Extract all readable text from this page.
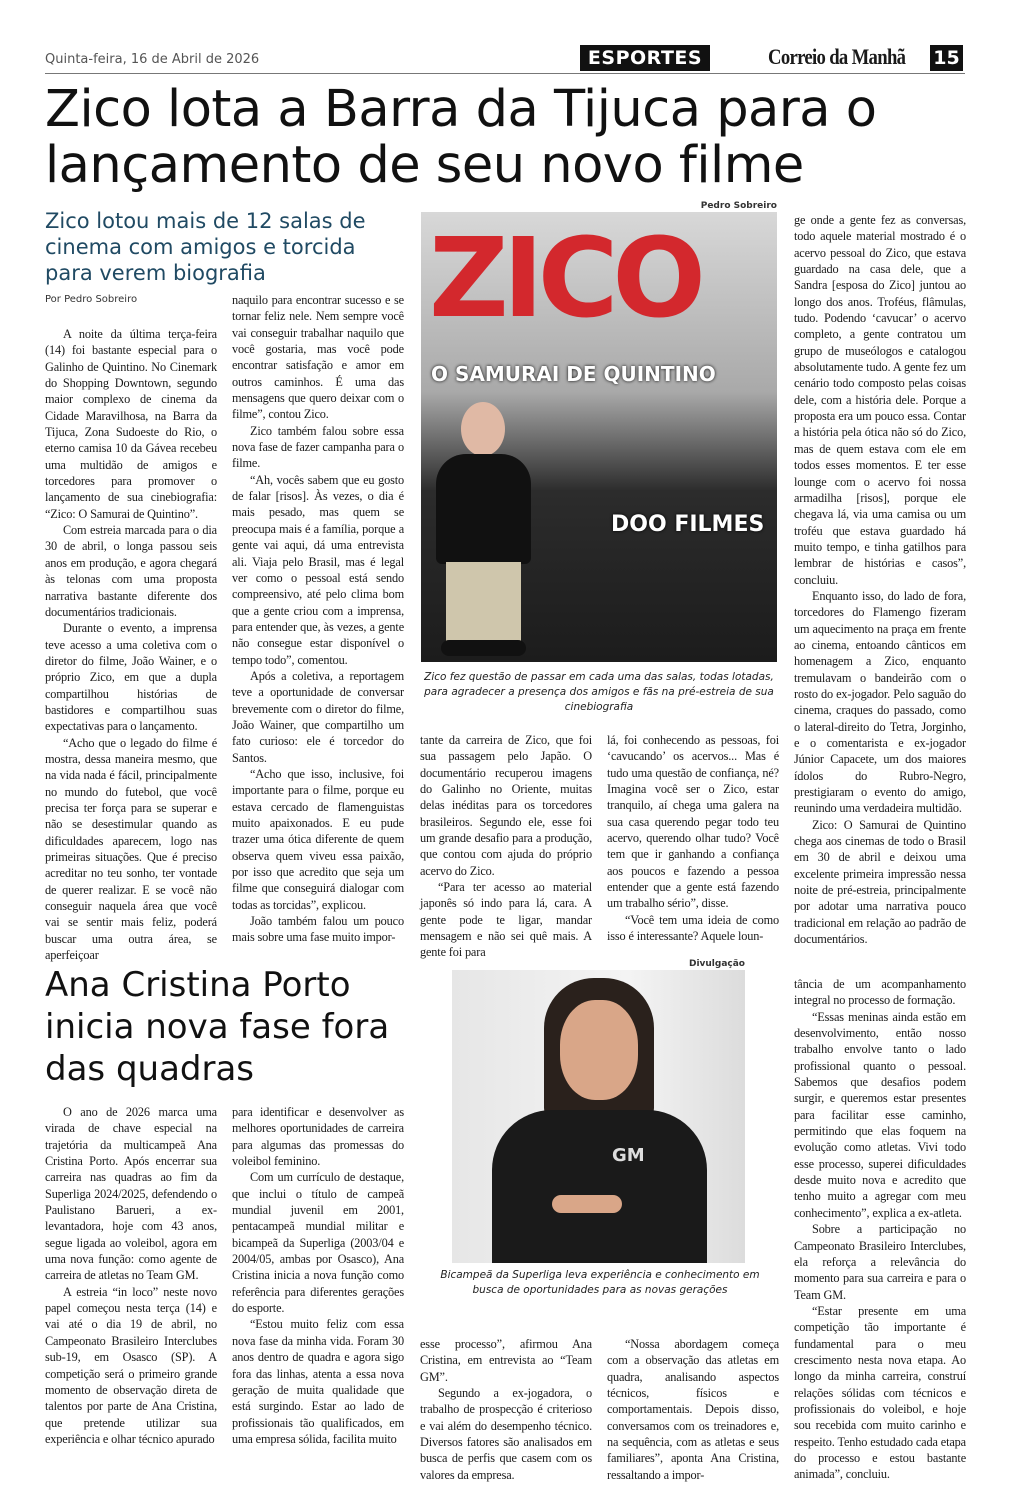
Quinta-feira, 16 de Abril de 2026	ESPORTES	Correio da Manhã 15
Zico lota a Barra da Tijuca para o lançamento de seu novo filme
Zico lotou mais de 12 salas de cinema com amigos e torcida para verem biografia
Por Pedro Sobreiro

A noite da última terça-feira (14) foi bastante especial para o Galinho de Quintino. No Cinemark do Shopping Downtown, segundo maior complexo de cinema da Cidade Maravilhosa, na Barra da Tijuca, Zona Sudoeste do Rio, o eterno camisa 10 da Gávea recebeu uma multidão de amigos e torcedores para promover o lançamento de sua cinebiografia: “Zico: O Samurai de Quintino”.

Com estreia marcada para o dia 30 de abril, o longa passou seis anos em produção, e agora chegará às telonas com uma proposta narrativa bastante diferente dos documentários tradicionais.

Durante o evento, a imprensa teve acesso a uma coletiva com o diretor do filme, João Wainer, e o próprio Zico, em que a dupla compartilhou histórias de bastidores e compartilhou suas expectativas para o lançamento.

“Acho que o legado do filme é mostra, dessa maneira mesmo, que na vida nada é fácil, principalmente no mundo do futebol, que você precisa ter força para se superar e não se desestimular quando as dificuldades aparecem, logo nas primeiras situações. Que é preciso acreditar no teu sonho, ter vontade de querer realizar. E se você não conseguir naquela área que você vai se sentir mais feliz, poderá buscar uma outra área, se aperfeiçoar

naquilo para encontrar sucesso e se tornar feliz nele. Nem sempre você vai conseguir trabalhar naquilo que você gostaria, mas você pode encontrar satisfação e amor em outros caminhos. É uma das mensagens que quero deixar com o filme”, contou Zico.

Zico também falou sobre essa nova fase de fazer campanha para o filme.

“Ah, vocês sabem que eu gosto de falar [risos]. Às vezes, o dia é mais pesado, mas quem se preocupa mais é a família, porque a gente vai aqui, dá uma entrevista ali. Viaja pelo Brasil, mas é legal ver como o pessoal está sendo compreensivo, até pelo clima bom que a gente criou com a imprensa, para entender que, às vezes, a gente não consegue estar disponível o tempo todo”, comentou.

Após a coletiva, a reportagem teve a oportunidade de conversar brevemente com o diretor do filme, João Wainer, que compartilho um fato curioso: ele é torcedor do Santos.

“Acho que isso, inclusive, foi importante para o filme, porque eu estava cercado de flamenguistas muito apaixonados. E eu pude trazer uma ótica diferente de quem observa quem viveu essa paixão, por isso que acredito que seja um filme que conseguirá dialogar com todas as torcidas”, explicou.

João também falou um pouco mais sobre uma fase muito impor-

tante da carreira de Zico, que foi sua passagem pelo Japão. O documentário recuperou imagens do Galinho no Oriente, muitas delas inéditas para os torcedores brasileiros. Segundo ele, esse foi um grande desafio para a produção, que contou com ajuda do próprio acervo do Zico.

“Para ter acesso ao material japonês só indo para lá, cara. A gente pode te ligar, mandar mensagem e não sei quê mais. A gente foi para

lá, foi conhecendo as pessoas, foi ‘cavucando’ os acervos... Mas é tudo uma questão de confiança, né? Imagina você ser o Zico, estar tranquilo, aí chega uma galera na sua casa querendo pegar todo teu acervo, querendo olhar tudo? Você tem que ir ganhando a confiança aos poucos e fazendo a pessoa entender que a gente está fazendo um trabalho sério”, disse.

“Você tem uma ideia de como isso é interessante? Aquele loun-

ge onde a gente fez as conversas, todo aquele material mostrado é o acervo pessoal do Zico, que estava guardado na casa dele, que a Sandra [esposa do Zico] juntou ao longo dos anos. Troféus, flâmulas, tudo. Podendo ‘cavucar’ o acervo completo, a gente contratou um grupo de museólogos e catalogou absolutamente tudo. A gente fez um cenário todo composto pelas coisas dele, com a história dele. Porque a proposta era um pouco essa. Contar a história pela ótica não só do Zico, mas de quem estava com ele em todos esses momentos. E ter esse lounge com o acervo foi nossa armadilha [risos], porque ele chegava lá, via uma camisa ou um troféu que estava guardado há muito tempo, e tinha gatilhos para lembrar de histórias e casos”, concluiu.

Enquanto isso, do lado de fora, torcedores do Flamengo fizeram um aquecimento na praça em frente ao cinema, entoando cânticos em homenagem a Zico, enquanto tremulavam o bandeirão com o rosto do ex-jogador. Pelo saguão do cinema, craques do passado, como o lateral-direito do Tetra, Jorginho, e o comentarista e ex-jogador Júnior Capacete, um dos maiores ídolos do Rubro-Negro, prestigiaram o evento do amigo, reunindo uma verdadeira multidão.

Zico: O Samurai de Quintino chega aos cinemas de todo o Brasil em 30 de abril e deixou uma excelente primeira impressão nessa noite de pré-estreia, principalmente por adotar uma narrativa pouco tradicional em relação ao padrão de documentários.

Pedro Sobreiro
ZICO
O SAMURAI DE QUINTINO
DOO FILMES
Zico fez questão de passar em cada uma das salas, todas lotadas, para agradecer a presença dos amigos e fãs na pré-estreia de sua cinebiografia
Ana Cristina Porto inicia nova fase fora das quadras

O ano de 2026 marca uma virada de chave especial na trajetória da multicampeã Ana Cristina Porto. Após encerrar sua carreira nas quadras ao fim da Superliga 2024/2025, defendendo o Paulistano Barueri, a ex-levantadora, hoje com 43 anos, segue ligada ao voleibol, agora em uma nova função: como agente de carreira de atletas no Team GM.

A estreia “in loco” neste novo papel começou nesta terça (14) e vai até o dia 19 de abril, no Campeonato Brasileiro Interclubes sub-19, em Osasco (SP). A competição será o primeiro grande momento de observação direta de talentos por parte de Ana Cristina, que pretende utilizar sua experiência e olhar técnico apurado

para identificar e desenvolver as melhores oportunidades de carreira para algumas das promessas do voleibol feminino.

Com um currículo de destaque, que inclui o título de campeã mundial juvenil em 2001, pentacampeã mundial militar e bicampeã da Superliga (2003/04 e 2004/05, ambas por Osasco), Ana Cristina inicia a nova função como referência para diferentes gerações do esporte.

“Estou muito feliz com essa nova fase da minha vida. Foram 30 anos dentro de quadra e agora sigo fora das linhas, atenta a essa nova geração de muita qualidade que está surgindo. Estar ao lado de profissionais tão qualificados, em uma empresa sólida, facilita muito

esse processo”, afirmou Ana Cristina, em entrevista ao “Team GM”.

Segundo a ex-jogadora, o trabalho de prospecção é criterioso e vai além do desempenho técnico. Diversos fatores são analisados em busca de perfis que casem com os valores da empresa.

“Nossa abordagem começa com a observação das atletas em quadra, analisando aspectos técnicos, físicos e comportamentais. Depois disso, conversamos com os treinadores e, na sequência, com as atletas e seus familiares”, aponta Ana Cristina, ressaltando a impor-

tância de um acompanhamento integral no processo de formação.

“Essas meninas ainda estão em desenvolvimento, então nosso trabalho envolve tanto o lado profissional quanto o pessoal. Sabemos que desafios podem surgir, e queremos estar presentes para facilitar esse caminho, permitindo que elas foquem na evolução como atletas. Vivi todo esse processo, superei dificuldades desde muito nova e acredito que tenho muito a agregar com meu conhecimento”, explica a ex-atleta.

Sobre a participação no Campeonato Brasileiro Interclubes, ela reforça a relevância do momento para sua carreira e para o Team GM.

“Estar presente em uma competição tão importante é fundamental para o meu crescimento nesta nova etapa. Ao longo da minha carreira, construí relações sólidas com técnicos e profissionais do voleibol, e hoje sou recebida com muito carinho e respeito. Tenho estudado cada etapa do processo e estou bastante animada”, concluiu.

Divulgação
GM
Bicampeã da Superliga leva experiência e conhecimento em busca de oportunidades para as novas gerações
